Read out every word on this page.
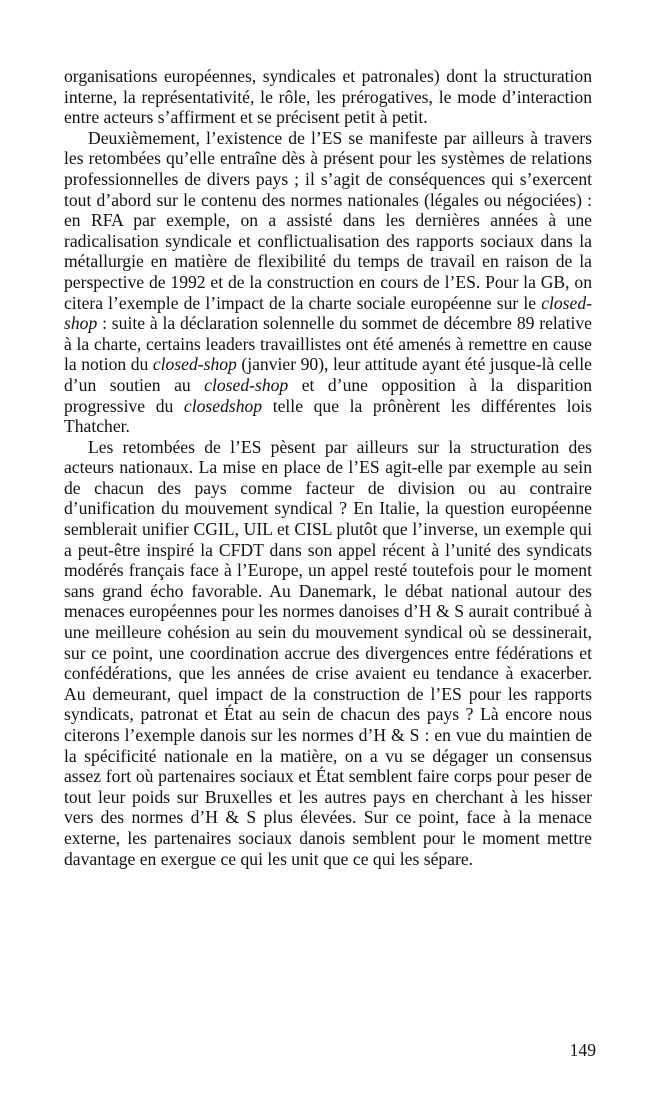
organisations européennes, syndicales et patronales) dont la structuration interne, la représentativité, le rôle, les prérogatives, le mode d’interaction entre acteurs s’affirment et se précisent petit à petit.

Deuxièmement, l’existence de l’ES se manifeste par ailleurs à travers les retombées qu’elle entraîne dès à présent pour les systèmes de relations professionnelles de divers pays ; il s’agit de conséquences qui s’exercent tout d’abord sur le contenu des normes nationales (légales ou négociées) : en RFA par exemple, on a assisté dans les dernières années à une radicalisation syndicale et conflictualisation des rapports sociaux dans la métallurgie en matière de flexibilité du temps de travail en raison de la perspective de 1992 et de la construction en cours de l’ES. Pour la GB, on citera l’exemple de l’impact de la charte sociale européenne sur le closed-shop : suite à la déclaration solennelle du sommet de décembre 89 relative à la charte, certains leaders travaillistes ont été amenés à remettre en cause la notion du closed-shop (janvier 90), leur attitude ayant été jusque-là celle d’un soutien au closed-shop et d’une opposition à la disparition progressive du closedshop telle que la prônèrent les différentes lois Thatcher.

Les retombées de l’ES pèsent par ailleurs sur la structuration des acteurs nationaux. La mise en place de l’ES agit-elle par exemple au sein de chacun des pays comme facteur de division ou au contraire d’unification du mouvement syndical ? En Italie, la question européenne semblerait unifier CGIL, UIL et CISL plutôt que l’inverse, un exemple qui a peut-être inspiré la CFDT dans son appel récent à l’unité des syndicats modérés français face à l’Europe, un appel resté toutefois pour le moment sans grand écho favorable. Au Danemark, le débat national autour des menaces européennes pour les normes danoises d’H & S aurait contribué à une meilleure cohésion au sein du mouvement syndical où se dessinerait, sur ce point, une coordination accrue des divergences entre fédérations et confédérations, que les années de crise avaient eu tendance à exacerber. Au demeurant, quel impact de la construction de l’ES pour les rapports syndicats, patronat et État au sein de chacun des pays ? Là encore nous citerons l’exemple danois sur les normes d’H & S : en vue du maintien de la spécificité nationale en la matière, on a vu se dégager un consensus assez fort où partenaires sociaux et État semblent faire corps pour peser de tout leur poids sur Bruxelles et les autres pays en cherchant à les hisser vers des normes d’H & S plus élevées. Sur ce point, face à la menace externe, les partenaires sociaux danois semblent pour le moment mettre davantage en exergue ce qui les unit que ce qui les sépare.

149
